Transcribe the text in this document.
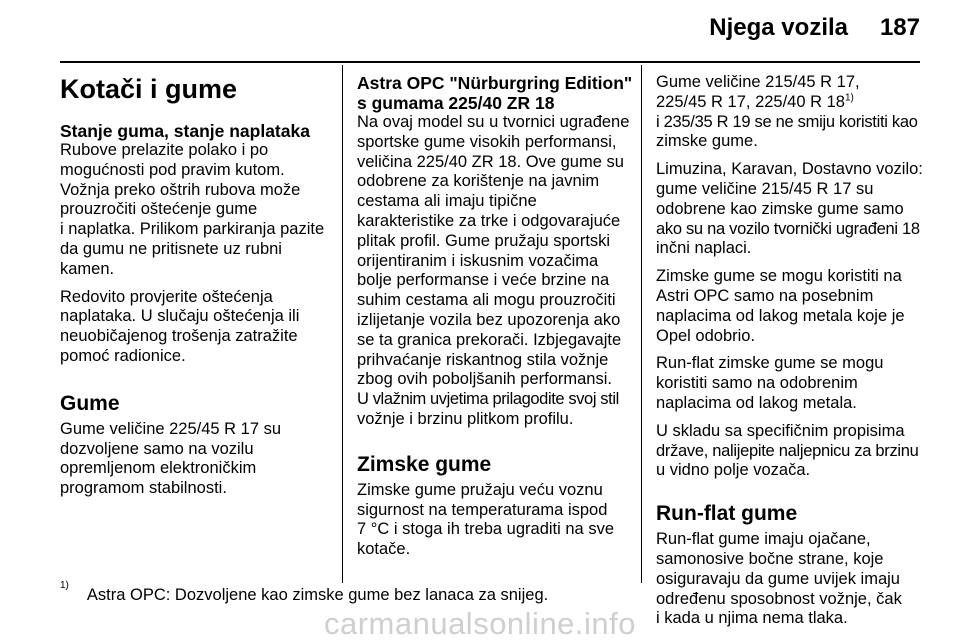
Njega vozila 187
Kotači i gume
Stanje guma, stanje naplataka

Rubove prelazite polako i po
mogućnosti pod pravim kutom.
Vožnja preko oštrih rubova može
prouzročiti oštećenje gume
i naplatka. Prilikom parkiranja pazite
da gumu ne pritisnete uz rubni
kamen.

Redovito provjerite oštećenja
naplataka. U slučaju oštećenja ili
neuobičajenog trošenja zatražite
pomoć radionice.

Gume

Gume veličine 225/45 R 17 su
dozvoljene samo na vozilu
opremljenom elektroničkim
programom stabilnosti.

Astra OPC "Nürburgring Edition"
s gumama 225/40 ZR 18

Na ovaj model su u tvornici ugrađene
sportske gume visokih performansi,
veličina 225/40 ZR 18. Ove gume su
odobrene za korištenje na javnim
cestama ali imaju tipične
karakteristike za trke i odgovarajuće
plitak profil. Gume pružaju sportski
orijentiranim i iskusnim vozačima
bolje performanse i veće brzine na
suhim cestama ali mogu prouzročiti
izlijetanje vozila bez upozorenja ako
se ta granica prekorači. Izbjegavajte
prihvaćanje riskantnog stila vožnje
zbog ovih poboljšanih performansi.
U vlažnim uvjetima prilagodite svoj stil
vožnje i brzinu plitkom profilu.

Zimske gume

Zimske gume pružaju veću voznu
sigurnost na temperaturama ispod
7 °C i stoga ih treba ugraditi na sve
kotače.

Gume veličine 215/45 R 17,
225/45 R 17, 225/40 R 18$^{1)}$
i 235/35 R 19 se ne smiju koristiti kao
zimske gume.

Limuzina, Karavan, Dostavno vozilo:
gume veličine 215/45 R 17 su
odobrene kao zimske gume samo
ako su na vozilo tvornički ugrađeni 18
inčni naplaci.

Zimske gume se mogu koristiti na
Astri OPC samo na posebnim
naplacima od lakog metala koje je
Opel odobrio.

Run-flat zimske gume se mogu
koristiti samo na odobrenim
naplacima od lakog metala.

U skladu sa specifičnim propisima
države, nalijepite naljepnicu za brzinu
u vidno polje vozača.

Run-flat gume

Run-flat gume imaju ojačane,
samonosive bočne strane, koje
osiguravaju da gume uvijek imaju
određenu sposobnost vožnje, čak
i kada u njima nema tlaka.

$^{1)}$Astra OPC: Dozvoljene kao zimske gume bez lanaca za snijeg.
carmanualsonline.info
